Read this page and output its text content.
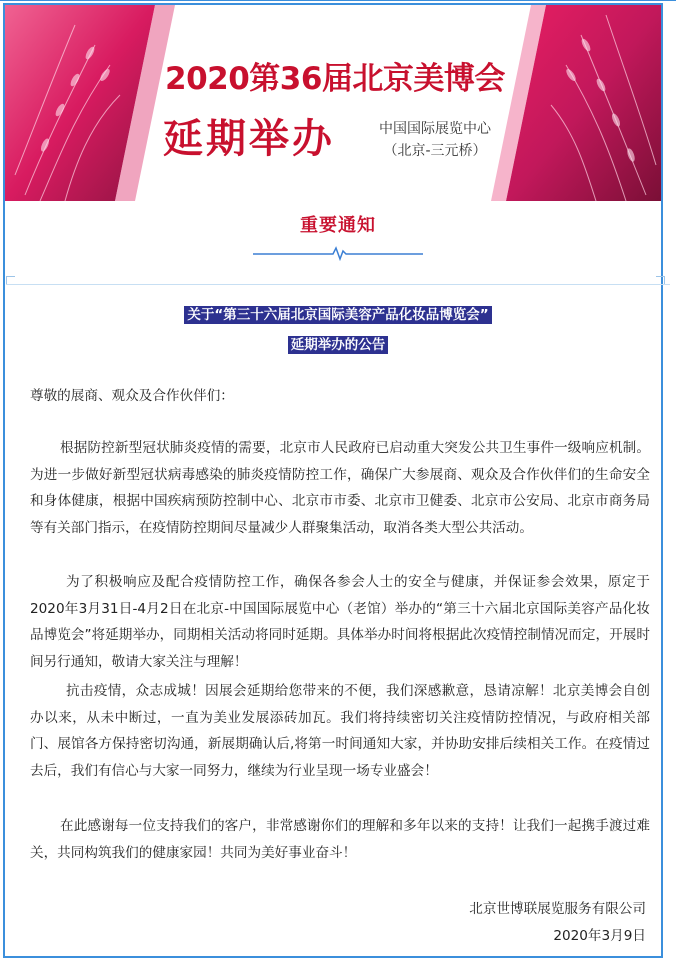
2020第36届北京美博会
延期举办	中国国际展览中心
（北京-三元桥）
重要通知
关于“第三十六届北京国际美容产品化妆品博览会”
延期举办的公告

尊敬的展商、观众及合作伙伴们：

根据防控新型冠状肺炎疫情的需要，北京市人民政府已启动重大突发公共卫生事件一级响应机制。为进一步做好新型冠状病毒感染的肺炎疫情防控工作，确保广大参展商、观众及合作伙伴们的生命安全和身体健康，根据中国疾病预防控制中心、北京市市委、北京市卫健委、北京市公安局、北京市商务局等有关部门指示，在疫情防控期间尽量减少人群聚集活动，取消各类大型公共活动。

为了积极响应及配合疫情防控工作，确保各参会人士的安全与健康，并保证参会效果，原定于2020年3月31日-4月2日在北京-中国国际展览中心（老馆）举办的“第三十六届北京国际美容产品化妆品博览会”将延期举办，同期相关活动将同时延期。具体举办时间将根据此次疫情控制情况而定，开展时间另行通知，敬请大家关注与理解！

抗击疫情，众志成城！因展会延期给您带来的不便，我们深感歉意，恳请凉解！北京美博会自创办以来，从未中断过，一直为美业发展添砖加瓦。我们将持续密切关注疫情防控情况，与政府相关部门、展馆各方保持密切沟通，新展期确认后,将第一时间通知大家，并协助安排后续相关工作。在疫情过去后，我们有信心与大家一同努力，继续为行业呈现一场专业盛会！

在此感谢每一位支持我们的客户，非常感谢你们的理解和多年以来的支持！让我们一起携手渡过难关，共同构筑我们的健康家园！共同为美好事业奋斗！

北京世博联展览服务有限公司
2020年3月9日
